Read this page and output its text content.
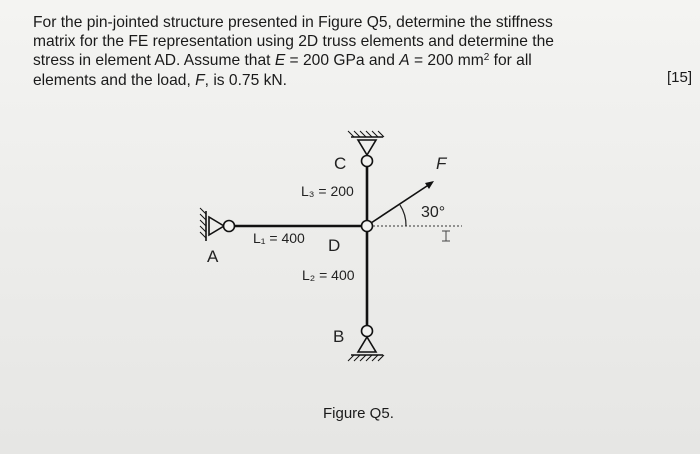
For the pin-jointed structure presented in Figure Q5, determine the stiffness
matrix for the FE representation using 2D truss elements and determine the
stress in element AD. Assume that E = 200 GPa and A = 200 $mm^2$ for all
elements and the load, F, is 0.75 kN.	[15]
A
B
C
D
L₁ = 400
L₂ = 400
L₃ = 200
F
30°
Figure Q5.
